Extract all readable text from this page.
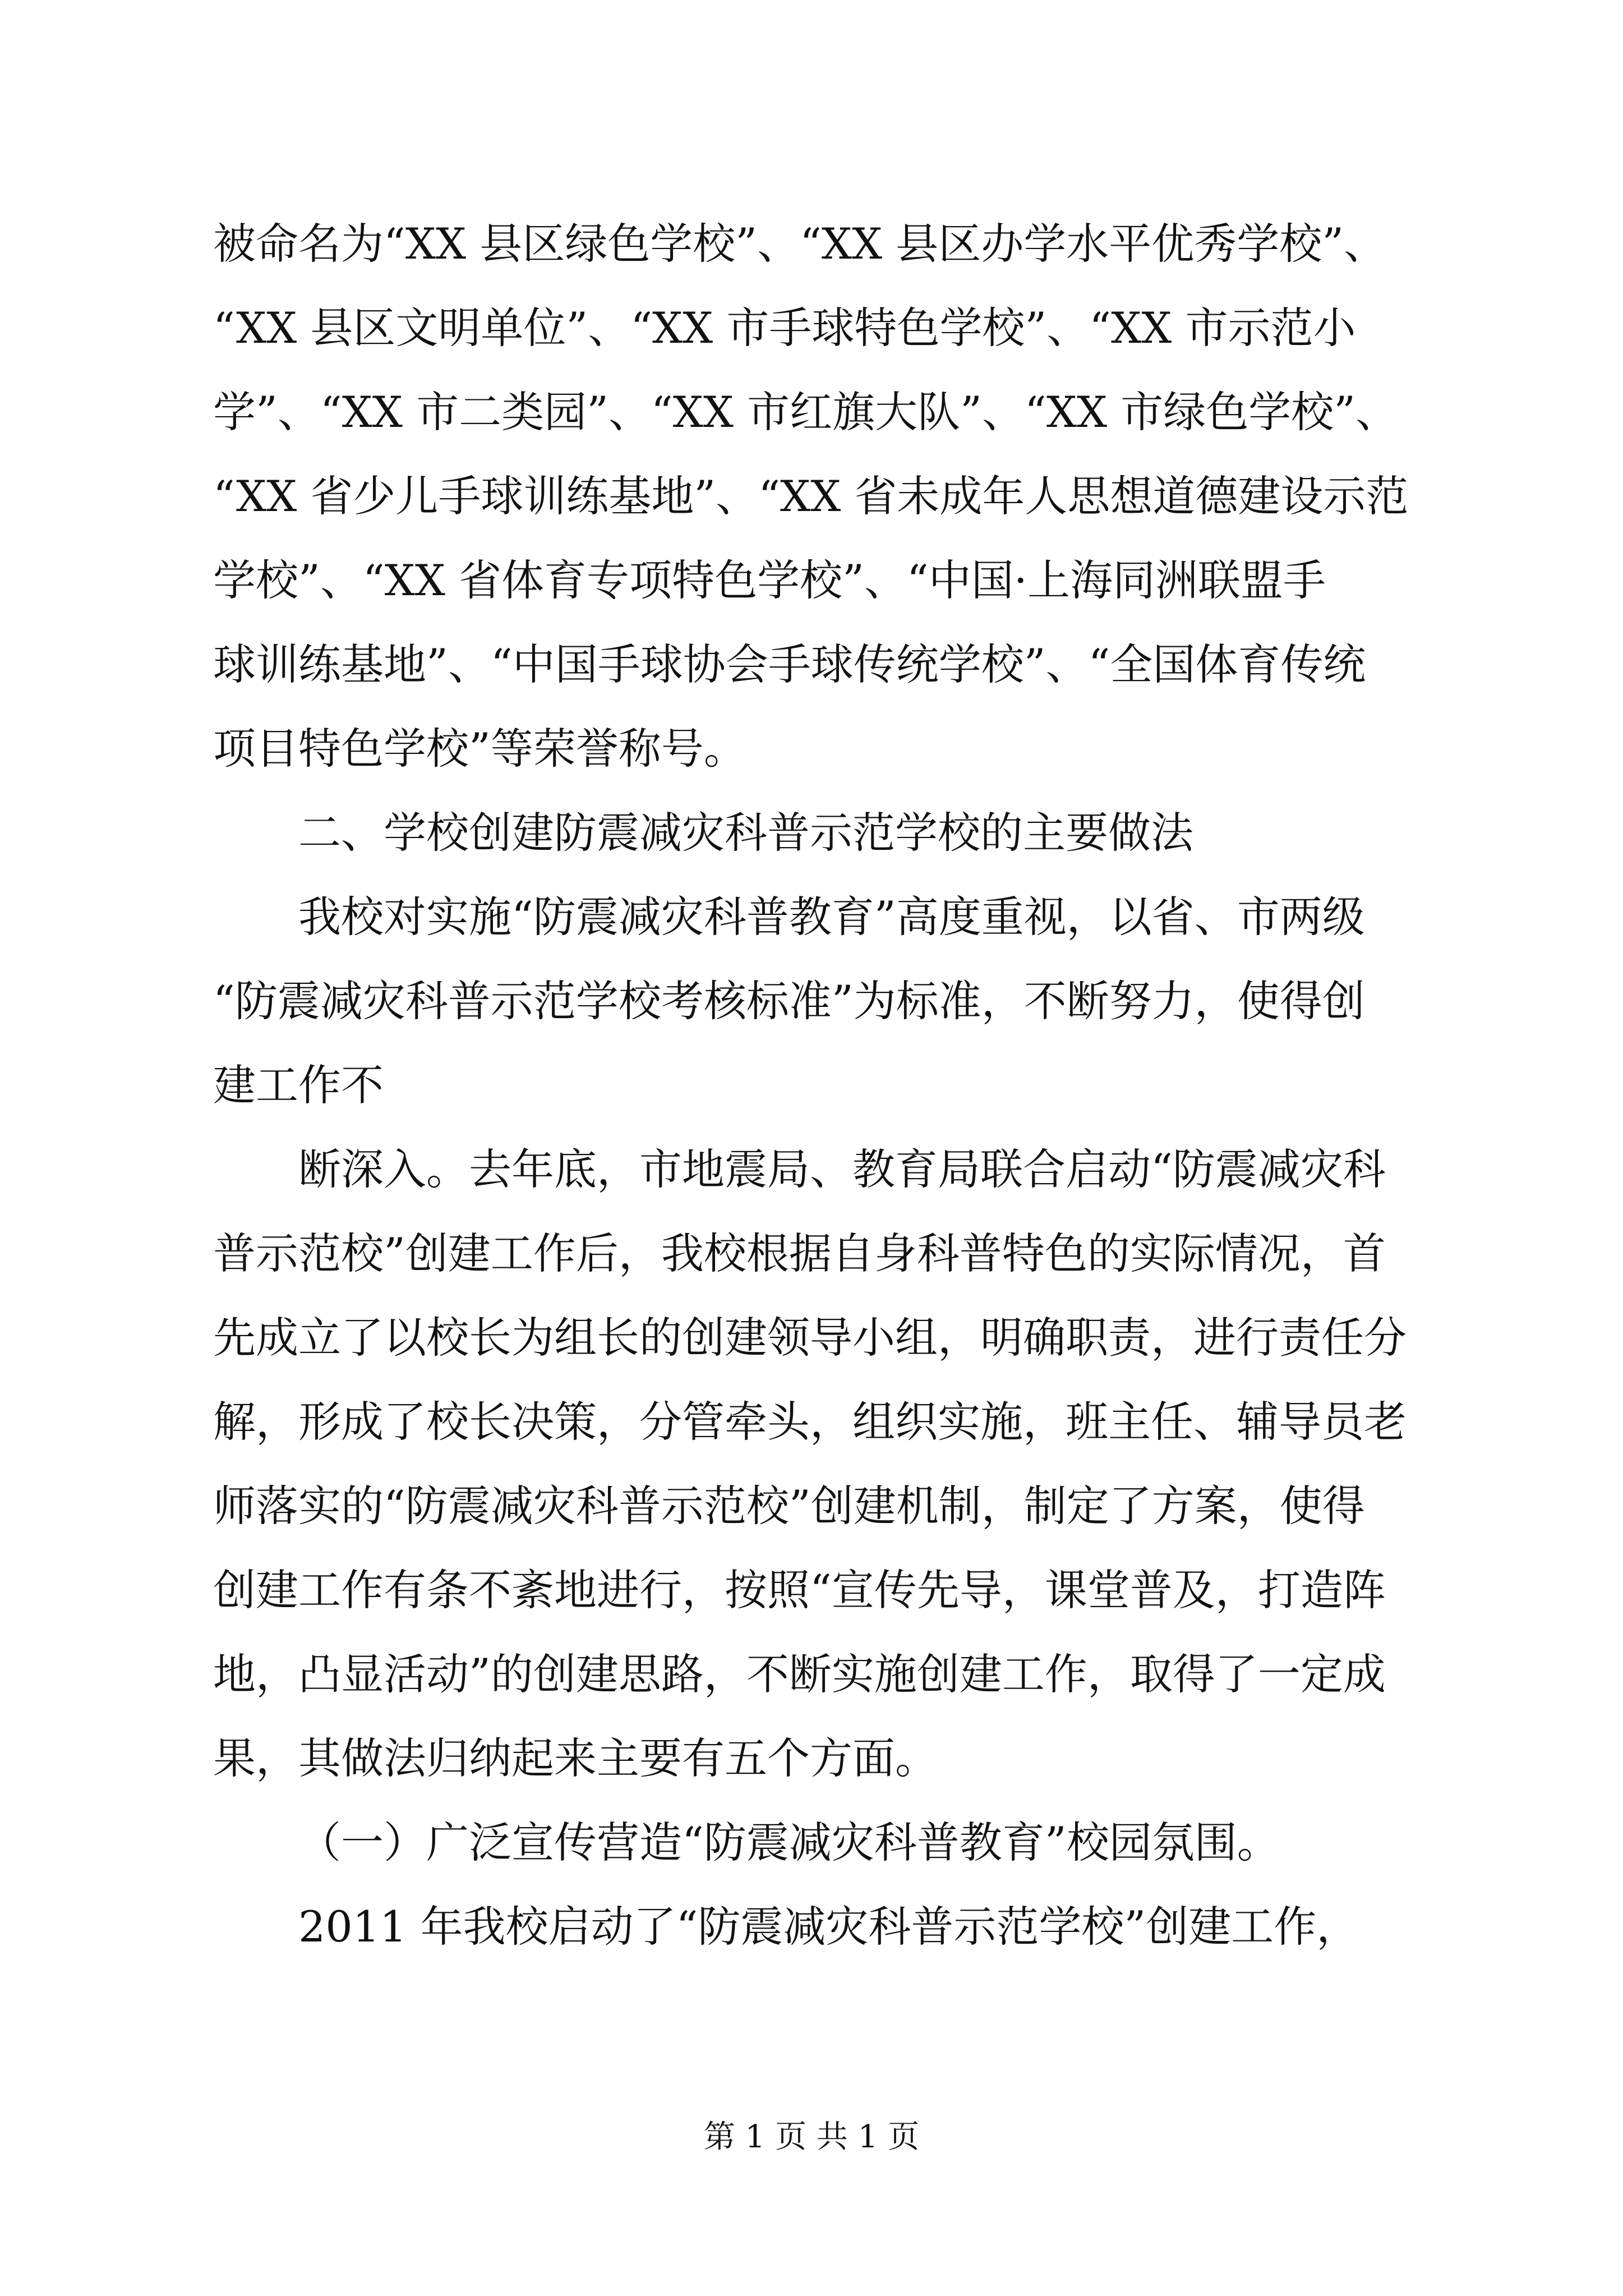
被命名为“XX 县区绿色学校”、“XX 县区办学水平优秀学校”、
“XX 县区文明单位”、“XX 市手球特色学校”、“XX 市示范小
学”、“XX 市二类园”、“XX 市红旗大队”、“XX 市绿色学校”、
“XX 省少儿手球训练基地”、“XX 省未成年人思想道德建设示范
学校”、“XX 省体育专项特色学校”、“中国·上海同洲联盟手
球训练基地”、“中国手球协会手球传统学校”、“全国体育传统
项目特色学校”等荣誉称号。
二、学校创建防震减灾科普示范学校的主要做法
我校对实施“防震减灾科普教育”高度重视，以省、市两级
“防震减灾科普示范学校考核标准”为标准，不断努力，使得创
建工作不
断深入。去年底，市地震局、教育局联合启动“防震减灾科
普示范校”创建工作后，我校根据自身科普特色的实际情况，首
先成立了以校长为组长的创建领导小组，明确职责，进行责任分
解，形成了校长决策，分管牵头，组织实施，班主任、辅导员老
师落实的“防震减灾科普示范校”创建机制，制定了方案，使得
创建工作有条不紊地进行，按照“宣传先导，课堂普及，打造阵
地，凸显活动”的创建思路，不断实施创建工作，取得了一定成
果，其做法归纳起来主要有五个方面。
（一）广泛宣传营造“防震减灾科普教育”校园氛围。
2011 年我校启动了“防震减灾科普示范学校”创建工作，
第 1 页 共 1 页
